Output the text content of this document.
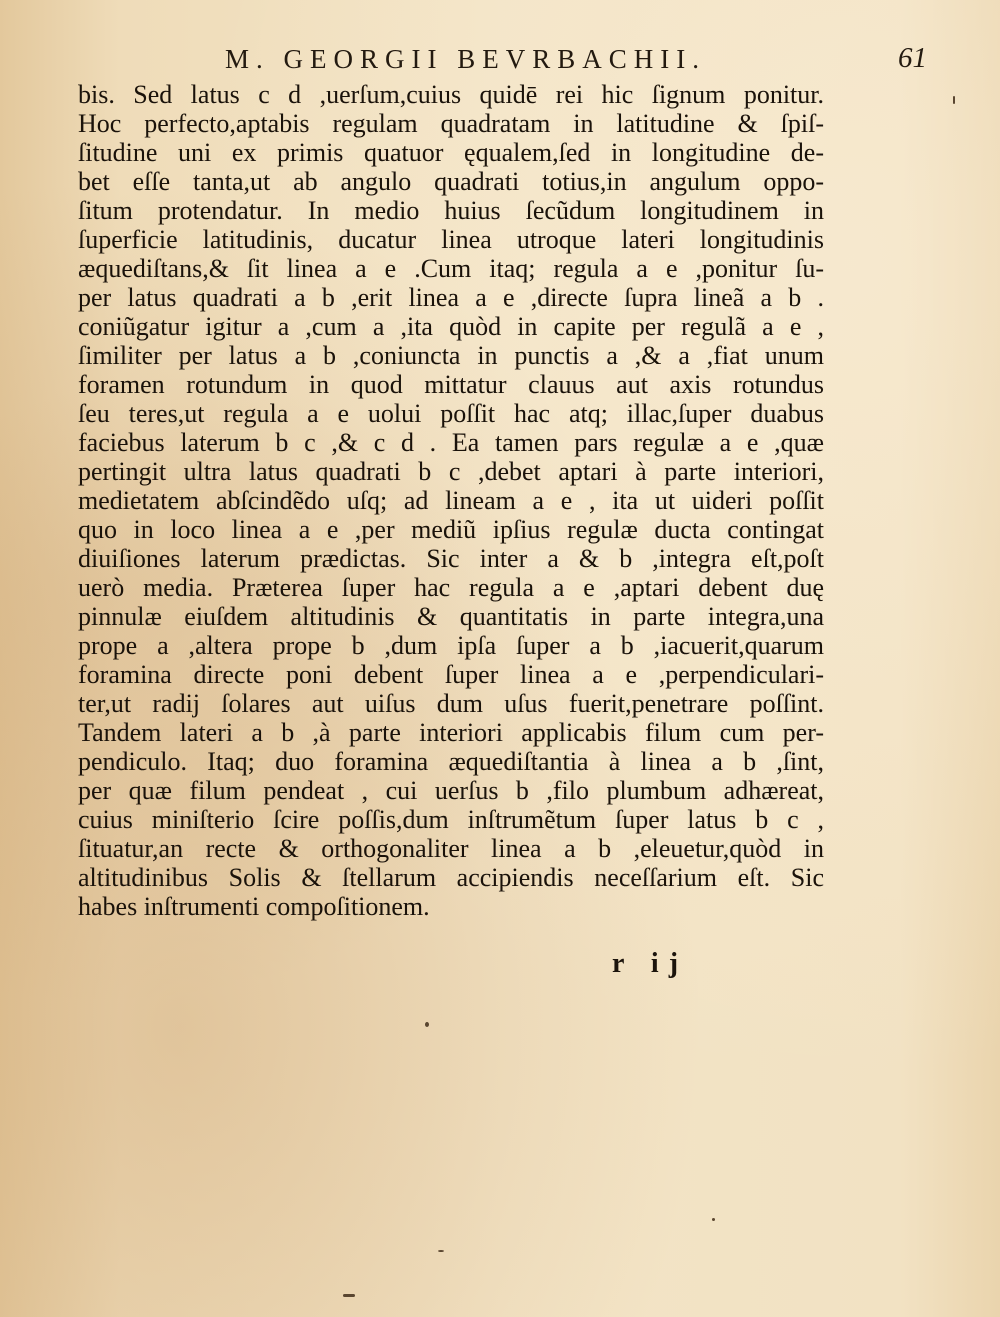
M. GEORGII BEVRBACHII.	61
bis. Sed latus c d ,uerſum,cuius quidē rei hic ſignum ponitur.
Hoc perfecto,aptabis regulam quadratam in latitudine & ſpiſ-
ſitudine uni ex primis quatuor ęqualem,ſed in longitudine de-
bet eſſe tanta,ut ab angulo quadrati totius,in angulum oppo-
ſitum protendatur. In medio huius ſecũdum longitudinem in
ſuperficie latitudinis, ducatur linea utroque lateri longitudinis
æquediſtans,& ſit linea a e .Cum itaq; regula a e ,ponitur ſu-
per latus quadrati a b ,erit linea a e ,directe ſupra lineã a b .
coniũgatur igitur a ,cum a ,ita quòd in capite per regulã a e ,
ſimiliter per latus a b ,coniuncta in punctis a ,& a ,fiat unum
foramen rotundum in quod mittatur clauus aut axis rotundus
ſeu teres,ut regula a e uolui poſſit hac atq; illac,ſuper duabus
faciebus laterum b c ,& c d . Ea tamen pars regulæ a e ,quæ
pertingit ultra latus quadrati b c ,debet aptari à parte interiori,
medietatem abſcindẽdo uſq; ad lineam a e , ita ut uideri poſſit
quo in loco linea a e ,per mediũ ipſius regulæ ducta contingat
diuiſiones laterum prædictas. Sic inter a & b ,integra eſt,poſt
uerò media. Præterea ſuper hac regula a e ,aptari debent duę
pinnulæ eiuſdem altitudinis & quantitatis in parte integra,una
prope a ,altera prope b ,dum ipſa ſuper a b ,iacuerit,quarum
foramina directe poni debent ſuper linea a e ,perpendiculari-
ter,ut radij ſolares aut uiſus dum uſus fuerit,penetrare poſſint.
Tandem lateri a b ,à parte interiori applicabis filum cum per-
pendiculo. Itaq; duo foramina æquediſtantia à linea a b ,ſint,
per quæ filum pendeat , cui uerſus b ,filo plumbum adhæreat,
cuius miniſterio ſcire poſſis,dum inſtrumẽtum ſuper latus b c ,
ſituatur,an recte & orthogonaliter linea a b ,eleuetur,quòd in
altitudinibus Solis & ſtellarum accipiendis neceſſarium eſt. Sic
habes inſtrumenti compoſitionem.
r ij
